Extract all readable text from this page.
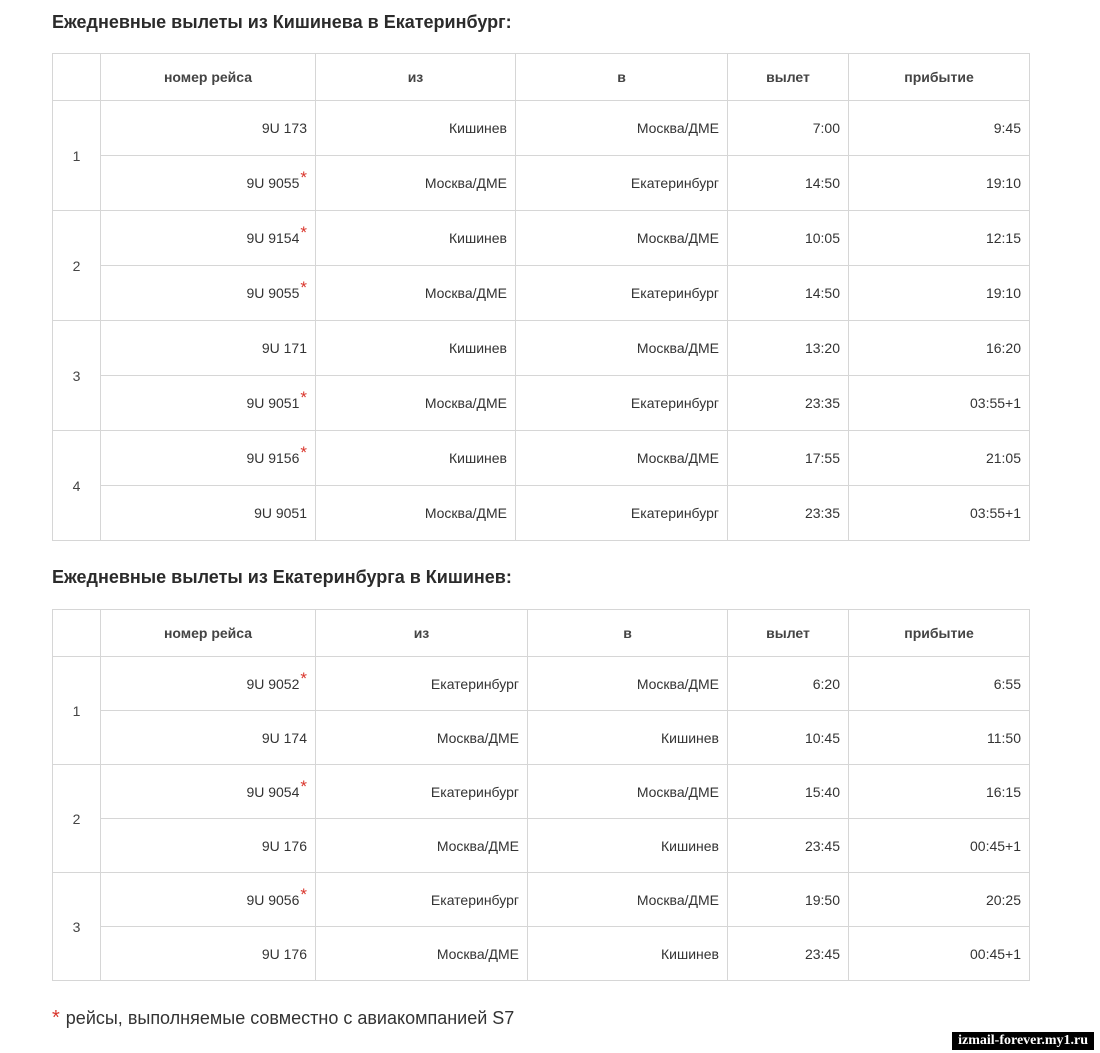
Ежедневные вылеты из Кишинева в Екатеринбург:
	номер рейса	из	в	вылет	прибытие
1	9U 173	Кишинев	Москва/ДМЕ	7:00	9:45
	9U 9055*	Москва/ДМЕ	Екатеринбург	14:50	19:10
2	9U 9154*	Кишинев	Москва/ДМЕ	10:05	12:15
	9U 9055*	Москва/ДМЕ	Екатеринбург	14:50	19:10
3	9U 171	Кишинев	Москва/ДМЕ	13:20	16:20
	9U 9051*	Москва/ДМЕ	Екатеринбург	23:35	03:55+1
4	9U 9156*	Кишинев	Москва/ДМЕ	17:55	21:05
	9U 9051	Москва/ДМЕ	Екатеринбург	23:35	03:55+1
Ежедневные вылеты из Екатеринбурга в Кишинев:
	номер рейса	из	в	вылет	прибытие
1	9U 9052*	Екатеринбург	Москва/ДМЕ	6:20	6:55
	9U 174	Москва/ДМЕ	Кишинев	10:45	11:50
2	9U 9054*	Екатеринбург	Москва/ДМЕ	15:40	16:15
	9U 176	Москва/ДМЕ	Кишинев	23:45	00:45+1
3	9U 9056*	Екатеринбург	Москва/ДМЕ	19:50	20:25
	9U 176	Москва/ДМЕ	Кишинев	23:45	00:45+1

* рейсы, выполняемые совместно с авиакомпанией S7

izmail-forever.my1.ru
